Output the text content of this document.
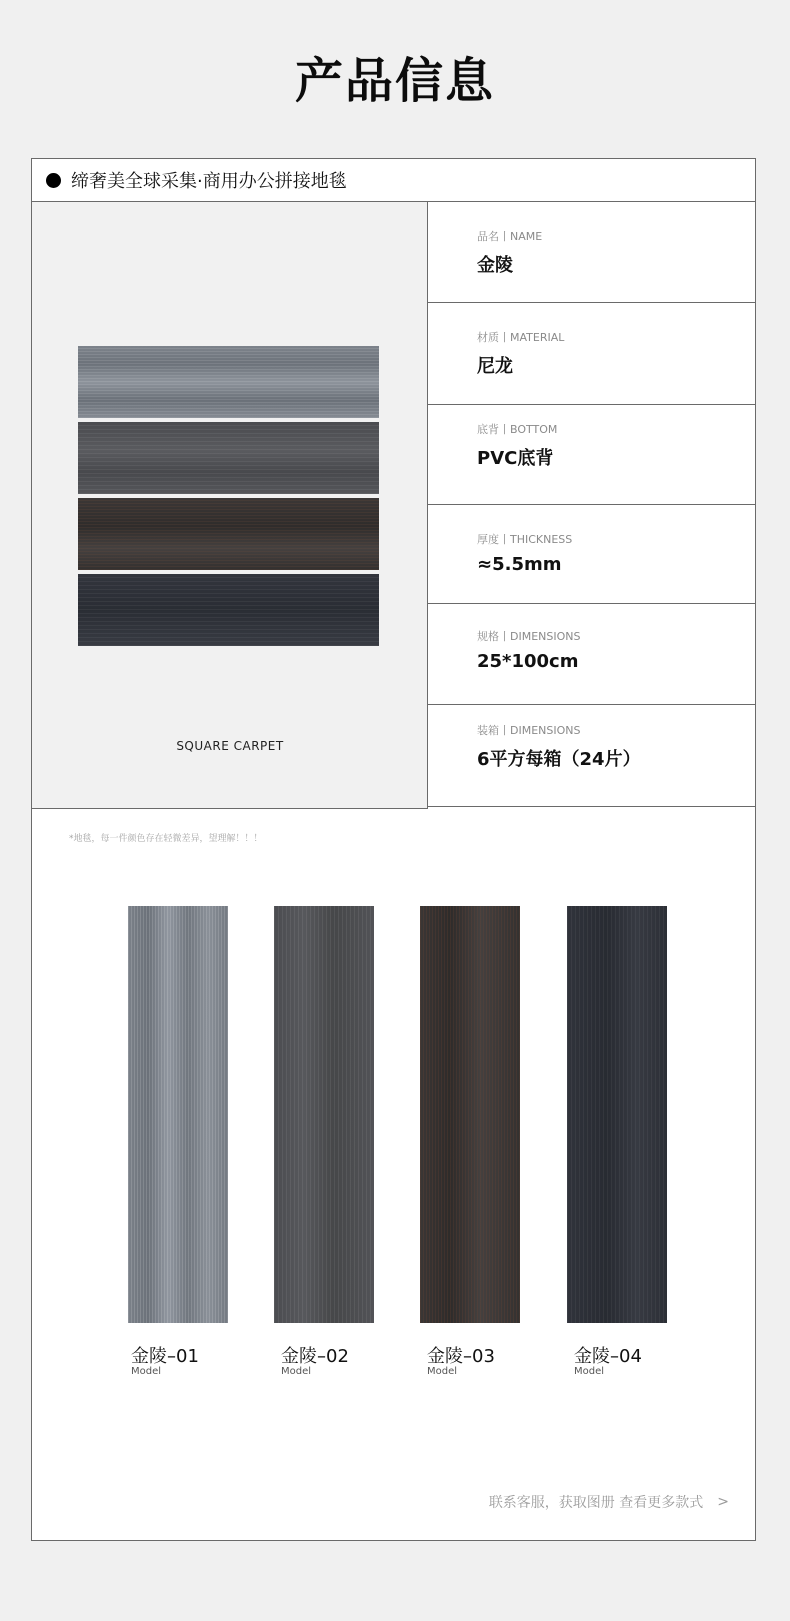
产品信息
缔奢美全球采集·商用办公拼接地毯
SQUARE CARPET
品名丨NAME
金陵
材质丨MATERIAL
尼龙
底背丨BOTTOM
PVC底背
厚度丨THICKNESS
≈5.5mm
规格丨DIMENSIONS
25*100cm
装箱丨DIMENSIONS
6平方每箱（24片）
*地毯，每一件颜色存在轻微差异，望理解！！！
金陵–01
Model
金陵–02
Model
金陵–03
Model
金陵–04
Model
联系客服，获取图册 查看更多款式 >
